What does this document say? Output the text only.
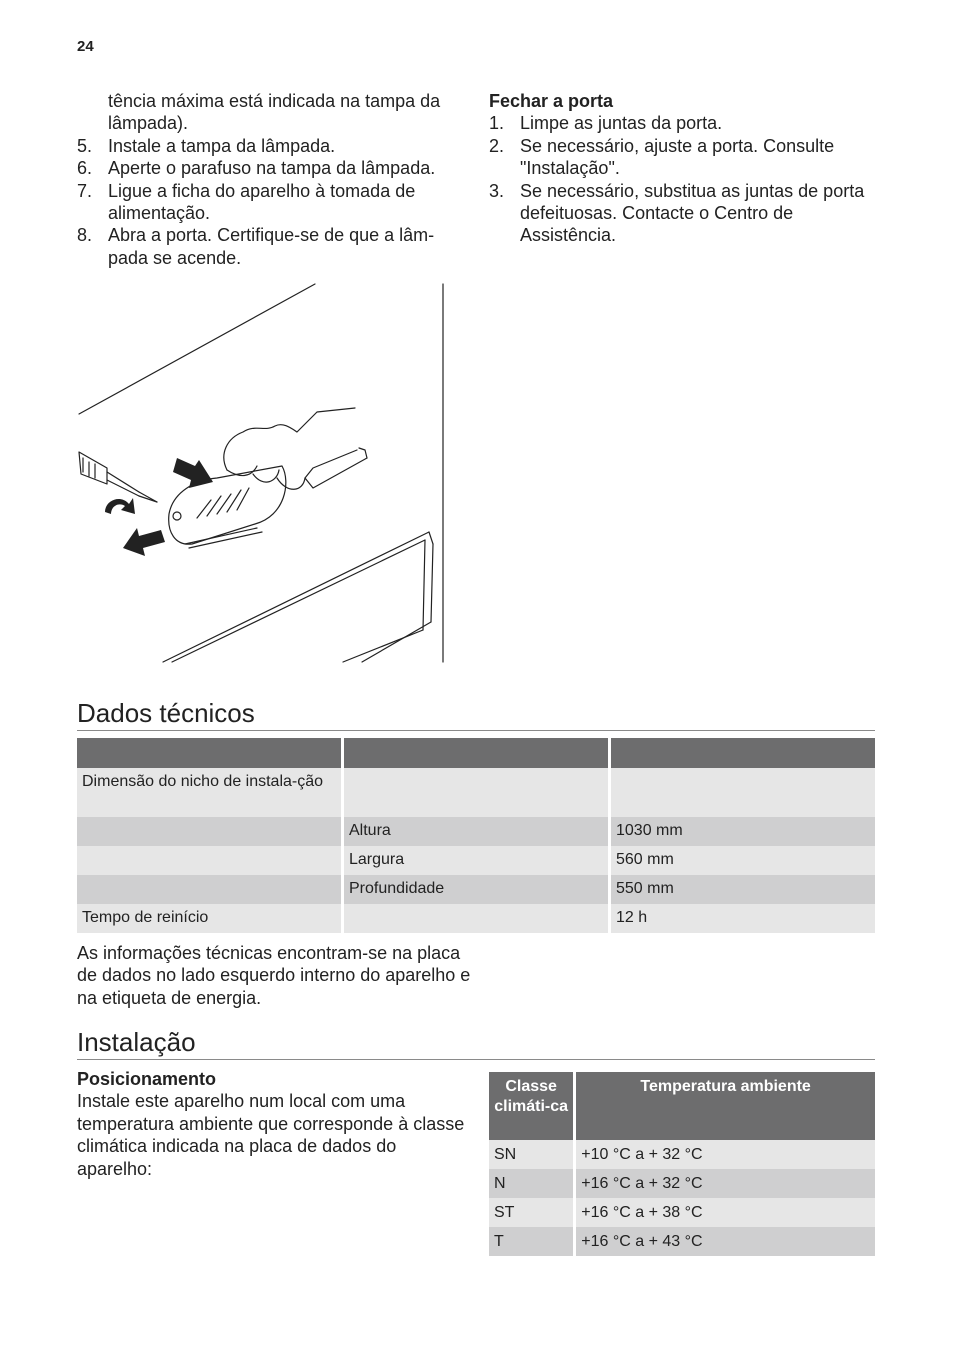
24
tência máxima está indicada na tampa da lâmpada).
5. Instale a tampa da lâmpada.
6. Aperte o parafuso na tampa da lâmpada.
7. Ligue a ficha do aparelho à tomada de alimentação.
8. Abra a porta. Certifique-se de que a lâm-pada se acende.

Fechar a porta

1. Limpe as juntas da porta.
2. Se necessário, ajuste a porta. Consulte "Instalação".
3. Se necessário, substitua as juntas de porta defeituosas. Contacte o Centro de Assistência.
Dados técnicos

Dimensão do nicho de instala-ção		
	Altura	1030 mm
	Largura	560 mm
	Profundidade	550 mm
Tempo de reinício		12 h

As informações técnicas encontram-se na placa de dados no lado esquerdo interno do aparelho e na etiqueta de energia.

Instalação

Posicionamento

Instale este aparelho num local com uma temperatura ambiente que corresponde à classe climática indicada na placa de dados do aparelho:

Classe climáti-ca	Temperatura ambiente
SN	+10 °C a + 32 °C
N	+16 °C a + 32 °C
ST	+16 °C a + 38 °C
T	+16 °C a + 43 °C
